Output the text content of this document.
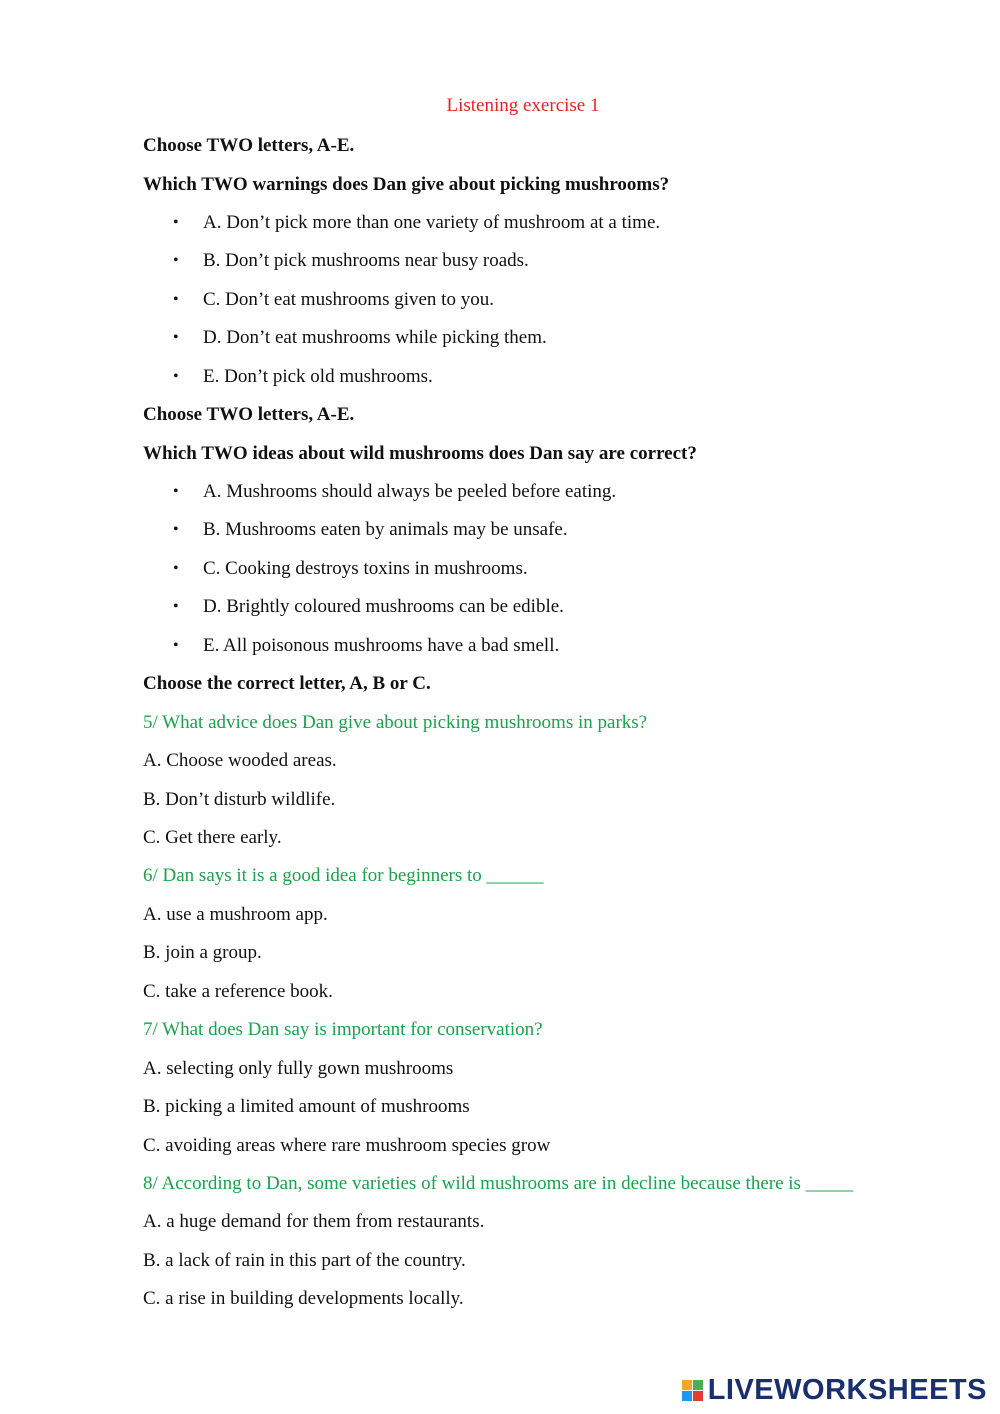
Listening exercise 1
Choose TWO letters, A-E.
Which TWO warnings does Dan give about picking mushrooms?
• A. Don’t pick more than one variety of mushroom at a time.
• B. Don’t pick mushrooms near busy roads.
• C. Don’t eat mushrooms given to you.
• D. Don’t eat mushrooms while picking them.
• E. Don’t pick old mushrooms.
Choose TWO letters, A-E.
Which TWO ideas about wild mushrooms does Dan say are correct?
• A. Mushrooms should always be peeled before eating.
• B. Mushrooms eaten by animals may be unsafe.
• C. Cooking destroys toxins in mushrooms.
• D. Brightly coloured mushrooms can be edible.
• E. All poisonous mushrooms have a bad smell.
Choose the correct letter, A, B or C.
5/ What advice does Dan give about picking mushrooms in parks?
A. Choose wooded areas.
B. Don’t disturb wildlife.
C. Get there early.
6/ Dan says it is a good idea for beginners to ______
A. use a mushroom app.
B. join a group.
C. take a reference book.
7/ What does Dan say is important for conservation?
A. selecting only fully gown mushrooms
B. picking a limited amount of mushrooms
C. avoiding areas where rare mushroom species grow
8/ According to Dan, some varieties of wild mushrooms are in decline because there is _____
A. a huge demand for them from restaurants.
B. a lack of rain in this part of the country.
C. a rise in building developments locally.
LIVEWORKSHEETS
